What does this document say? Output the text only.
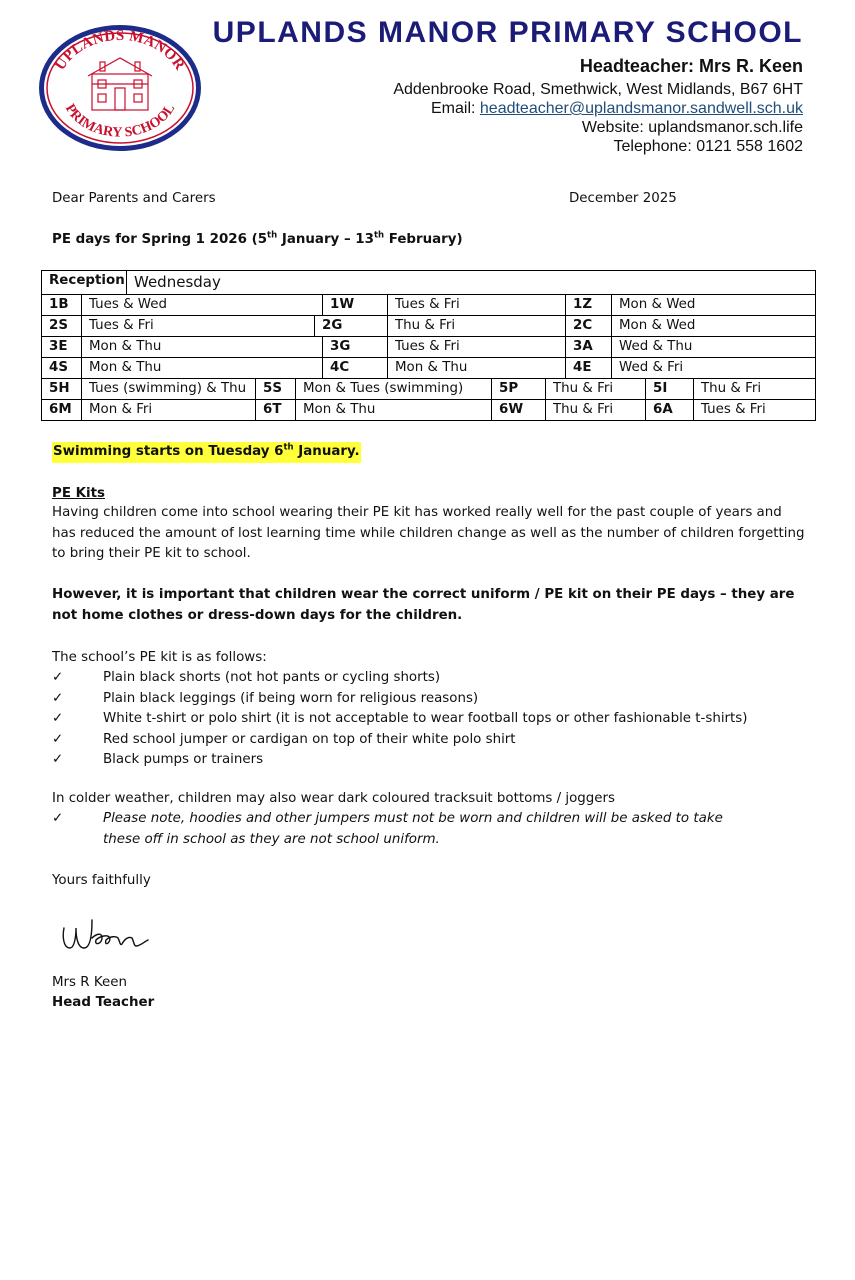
UPLANDS MANOR
PRIMARY SCHOOL
UPLANDS MANOR PRIMARY SCHOOL
Headteacher: Mrs R. Keen
Addenbrooke Road, Smethwick, West Midlands, B67 6HT
Email: headteacher@uplandsmanor.sandwell.sch.uk
Website: uplandsmanor.sch.life
Telephone: 0121 558 1602
Dear Parents and Carers	December 2025
PE days for Spring 1 2026 (5th January – 13th February)
Reception Wednesday
1B	Tues & Wed	1W	Tues & Fri	1Z	Mon & Wed
2S	Tues & Fri	2G	Thu & Fri	2C	Mon & Wed
3E	Mon & Thu	3G	Tues & Fri	3A	Wed & Thu
4S	Mon & Thu	4C	Mon & Thu	4E	Wed & Fri
5H	Tues (swimming) & Thu	5S	Mon & Tues (swimming)	5P	Thu & Fri	5I	Thu & Fri
6M	Mon & Fri	6T	Mon & Thu	6W	Thu & Fri	6A	Tues & Fri
Swimming starts on Tuesday 6th January.
PE Kits
Having children come into school wearing their PE kit has worked really well for the past couple of years and has reduced the amount of lost learning time while children change as well as the number of children forgetting to bring their PE kit to school.
However, it is important that children wear the correct uniform / PE kit on their PE days – they are not home clothes or dress-down days for the children.
The school’s PE kit is as follows:
✓	Plain black shorts (not hot pants or cycling shorts)
✓	Plain black leggings (if being worn for religious reasons)
✓	White t-shirt or polo shirt (it is not acceptable to wear football tops or other fashionable t-shirts)
✓	Red school jumper or cardigan on top of their white polo shirt
✓	Black pumps or trainers
In colder weather, children may also wear dark coloured tracksuit bottoms / joggers
✓	Please note, hoodies and other jumpers must not be worn and children will be asked to take these off in school as they are not school uniform.
Yours faithfully
Mrs R Keen
Head Teacher
